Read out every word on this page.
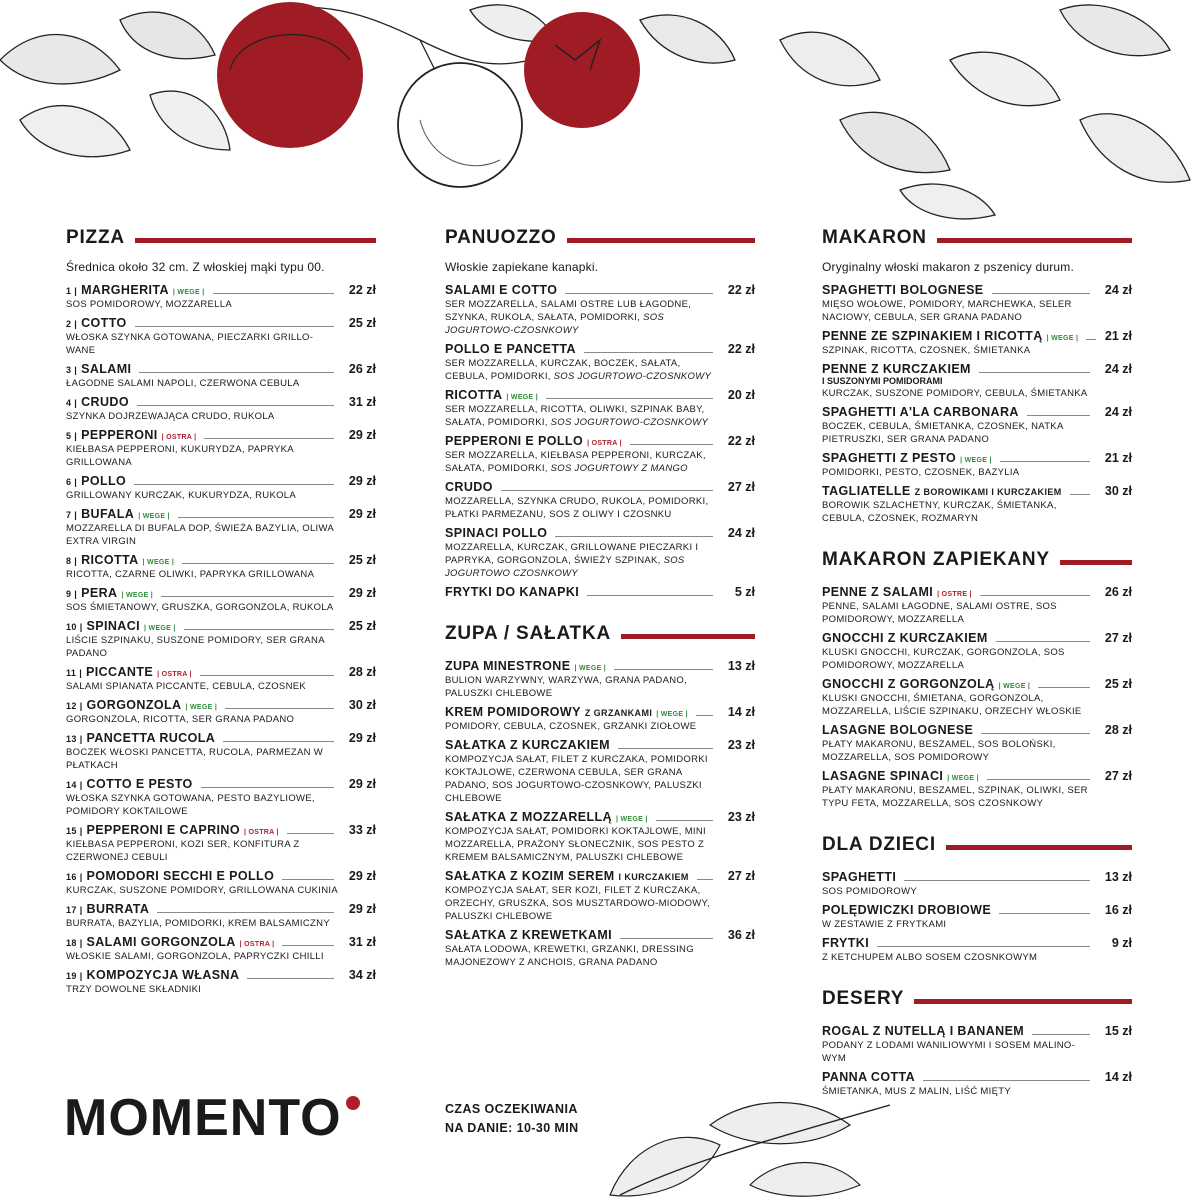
PIZZA
Średnica około 32 cm. Z włoskiej mąki typu 00.
1 | MARGHERITA | WEGE |	22 zł
SOS POMIDOROWY, MOZZARELLA
2 | COTTO	25 zł
WŁOSKA SZYNKA GOTOWANA, PIECZARKI GRILLO-WANE
3 | SALAMI	26 zł
ŁAGODNE SALAMI NAPOLI, CZERWONA CEBULA
4 | CRUDO	31 zł
SZYNKA DOJRZEWAJĄCA CRUDO, RUKOLA
5 | PEPPERONI | OSTRA |	29 zł
KIEŁBASA PEPPERONI, KUKURYDZA, PAPRYKA GRILLOWANA
6 | POLLO	29 zł
GRILLOWANY KURCZAK, KUKURYDZA, RUKOLA
7 | BUFALA | WEGE |	29 zł
MOZZARELLA DI BUFALA DOP, ŚWIEŻA BAZYLIA, OLIWA EXTRA VIRGIN
8 | RICOTTA | WEGE |	25 zł
RICOTTA, CZARNE OLIWKI, PAPRYKA GRILLOWANA
9 | PERA | WEGE |	29 zł
SOS ŚMIETANOWY, GRUSZKA, GORGONZOLA, RUKOLA
10 | SPINACI | WEGE |	25 zł
LIŚCIE SZPINAKU, SUSZONE POMIDORY, SER GRANA PADANO
11 | PICCANTE | OSTRA |	28 zł
SALAMI SPIANATA PICCANTE, CEBULA, CZOSNEK
12 | GORGONZOLA | WEGE |	30 zł
GORGONZOLA, RICOTTA, SER GRANA PADANO
13 | PANCETTA RUCOLA	29 zł
BOCZEK WŁOSKI PANCETTA, RUCOLA, PARMEZAN W PŁATKACH
14 | COTTO E PESTO	29 zł
WŁOSKA SZYNKA GOTOWANA, PESTO BAZYLIOWE, POMIDORY KOKTAILOWE
15 | PEPPERONI E CAPRINO | OSTRA |	33 zł
KIEŁBASA PEPPERONI, KOZI SER, KONFITURA Z CZERWONEJ CEBULI
16 | POMODORI SECCHI E POLLO	29 zł
KURCZAK, SUSZONE POMIDORY, GRILLOWANA CUKINIA
17 | BURRATA	29 zł
BURRATA, BAZYLIA, POMIDORKI, KREM BALSAMICZNY
18 | SALAMI GORGONZOLA | OSTRA |	31 zł
WŁOSKIE SALAMI, GORGONZOLA, PAPRYCZKI CHILLI
19 | KOMPOZYCJA WŁASNA	34 zł
TRZY DOWOLNE SKŁADNIKI
PANUOZZO
Włoskie zapiekane kanapki.
SALAMI E COTTO	22 zł
SER MOZZARELLA, SALAMI OSTRE LUB ŁAGODNE, SZYNKA, RUKOLA, SAŁATA, POMIDORKI, SOS JOGURTOWO-CZOSNKOWY
POLLO E PANCETTA	22 zł
SER MOZZARELLA, KURCZAK, BOCZEK, SAŁATA, CEBULA, POMIDORKI, SOS JOGURTOWO-CZOSNKOWY
RICOTTA | WEGE |	20 zł
SER MOZZARELLA, RICOTTA, OLIWKI, SZPINAK BABY, SAŁATA, POMIDORKI, SOS JOGURTOWO-CZOSNKOWY
PEPPERONI E POLLO | OSTRA |	22 zł
SER MOZZARELLA, KIEŁBASA PEPPERONI, KURCZAK, SAŁATA, POMIDORKI, SOS JOGURTOWY Z MANGO
CRUDO	27 zł
MOZZARELLA, SZYNKA CRUDO, RUKOLA, POMIDORKI, PŁATKI PARMEZANU, SOS Z OLIWY I CZOSNKU
SPINACI POLLO	24 zł
MOZZARELLA, KURCZAK, GRILLOWANE PIECZARKI I PAPRYKA, GORGONZOLA, ŚWIEŻY SZPINAK, SOS JOGURTOWO CZOSNKOWY
FRYTKI DO KANAPKI	5 zł
ZUPA / SAŁATKA
ZUPA MINESTRONE | WEGE |	13 zł
BULION WARZYWNY, WARZYWA, GRANA PADANO, PALUSZKI CHLEBOWE
KREM POMIDOROWY Z GRZANKAMI | WEGE |	14 zł
POMIDORY, CEBULA, CZOSNEK, GRZANKI ZIOŁOWE
SAŁATKA Z KURCZAKIEM	23 zł
KOMPOZYCJA SAŁAT, FILET Z KURCZAKA, POMIDORKI KOKTAJLOWE, CZERWONA CEBULA, SER GRANA PADANO, SOS JOGURTOWO-CZOSNKOWY, PALUSZKI CHLEBOWE
SAŁATKA Z MOZZARELLĄ | WEGE |	23 zł
KOMPOZYCJA SAŁAT, POMIDORKI KOKTAJLOWE, MINI MOZZARELLA, PRAŻONY SŁONECZNIK, SOS PESTO Z KREMEM BALSAMICZNYM, PALUSZKI CHLEBOWE
SAŁATKA Z KOZIM SEREM I KURCZAKIEM	27 zł
KOMPOZYCJA SAŁAT, SER KOZI, FILET Z KURCZAKA, ORZECHY, GRUSZKA, SOS MUSZTARDOWO-MIODOWY, PALUSZKI CHLEBOWE
SAŁATKA Z KREWETKAMI	36 zł
SAŁATA LODOWA, KREWETKI, GRZANKI, DRESSING MAJONEZOWY Z ANCHOIS, GRANA PADANO
MAKARON
Oryginalny włoski makaron z pszenicy durum.
SPAGHETTI BOLOGNESE	24 zł
MIĘSO WOŁOWE, POMIDORY, MARCHEWKA, SELER NACIOWY, CEBULA, SER GRANA PADANO
PENNE ZE SZPINAKIEM I RICOTTĄ | WEGE | 21 zł
SZPINAK, RICOTTA, CZOSNEK, ŚMIETANKA
PENNE Z KURCZAKIEM	24 zł
I SUSZONYMI POMIDORAMI
KURCZAK, SUSZONE POMIDORY, CEBULA, ŚMIETANKA
SPAGHETTI A'LA CARBONARA	24 zł
BOCZEK, CEBULA, ŚMIETANKA, CZOSNEK, NATKA PIETRUSZKI, SER GRANA PADANO
SPAGHETTI Z PESTO | WEGE |	21 zł
POMIDORKI, PESTO, CZOSNEK, BAZYLIA
TAGLIATELLE Z BOROWIKAMI I KURCZAKIEM	30 zł
BOROWIK SZLACHETNY, KURCZAK, ŚMIETANKA, CEBULA, CZOSNEK, ROZMARYN
MAKARON ZAPIEKANY
PENNE Z SALAMI | OSTRE |	26 zł
PENNE, SALAMI ŁAGODNE, SALAMI OSTRE, SOS POMIDOROWY, MOZZARELLA
GNOCCHI Z KURCZAKIEM	27 zł
KLUSKI GNOCCHI, KURCZAK, GORGONZOLA, SOS POMIDOROWY, MOZZARELLA
GNOCCHI Z GORGONZOLĄ | WEGE |	25 zł
KLUSKI GNOCCHI, ŚMIETANA, GORGONZOLA, MOZZARELLA, LIŚCIE SZPINAKU, ORZECHY WŁOSKIE
LASAGNE BOLOGNESE	28 zł
PŁATY MAKARONU, BESZAMEL, SOS BOLOŃSKI, MOZZARELLA, SOS POMIDOROWY
LASAGNE SPINACI | WEGE |	27 zł
PŁATY MAKARONU, BESZAMEL, SZPINAK, OLIWKI, SER TYPU FETA, MOZZARELLA, SOS CZOSNKOWY
DLA DZIECI
SPAGHETTI	13 zł
SOS POMIDOROWY
POLĘDWICZKI DROBIOWE	16 zł
W ZESTAWIE Z FRYTKAMI
FRYTKI	9 zł
Z KETCHUPEM ALBO SOSEM CZOSNKOWYM
DESERY
ROGAL Z NUTELLĄ I BANANEM	15 zł
PODANY Z LODAMI WANILIOWYMI I SOSEM MALINO-WYM
PANNA COTTA	14 zł
ŚMIETANKA, MUS Z MALIN, LIŚĆ MIĘTY
MOMENTO	CZAS OCZEKIWANIA
NA DANIE: 10-30 MIN
